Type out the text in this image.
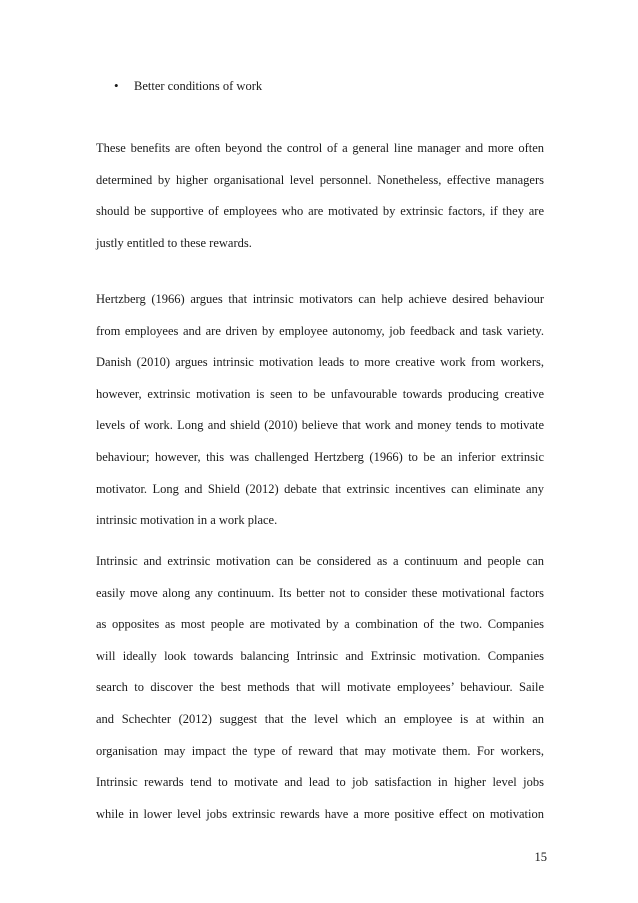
• Better conditions of work

These benefits are often beyond the control of a general line manager and more often
determined by higher organisational level personnel. Nonetheless, effective managers
should be supportive of employees who are motivated by extrinsic factors, if they are
justly entitled to these rewards.

Hertzberg (1966) argues that intrinsic motivators can help achieve desired behaviour
from employees and are driven by employee autonomy, job feedback and task variety.
Danish (2010) argues intrinsic motivation leads to more creative work from workers,
however, extrinsic motivation is seen to be unfavourable towards producing creative
levels of work. Long and shield (2010) believe that work and money tends to motivate
behaviour; however, this was challenged Hertzberg (1966) to be an inferior extrinsic
motivator. Long and Shield (2012) debate that extrinsic incentives can eliminate any
intrinsic motivation in a work place.

Intrinsic and extrinsic motivation can be considered as a continuum and people can
easily move along any continuum. Its better not to consider these motivational factors
as opposites as most people are motivated by a combination of the two. Companies
will ideally look towards balancing Intrinsic and Extrinsic motivation. Companies
search to discover the best methods that will motivate employees’ behaviour. Saile
and Schechter (2012) suggest that the level which an employee is at within an
organisation may impact the type of reward that may motivate them. For workers,
Intrinsic rewards tend to motivate and lead to job satisfaction in higher level jobs
while in lower level jobs extrinsic rewards have a more positive effect on motivation

15
